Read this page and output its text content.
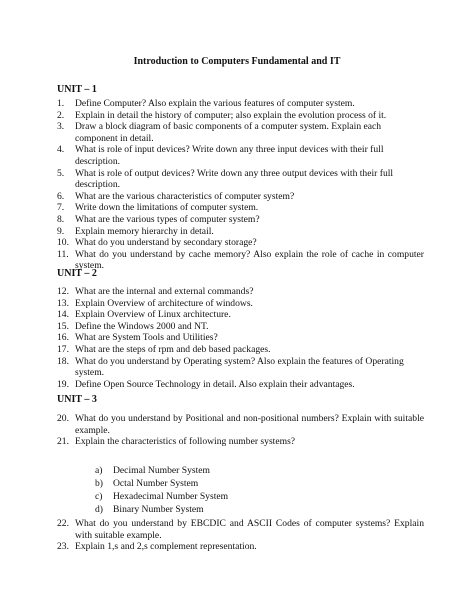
Introduction to Computers Fundamental and IT
UNIT – 1
1.	Define Computer? Also explain the various features of computer system.
2.	Explain in detail the history of computer; also explain the evolution process of it.
3.	Draw a block diagram of basic components of a computer system. Explain each component in detail.
4.	What is role of input devices? Write down any three input devices with their full description.
5.	What is role of output devices? Write down any three output devices with their full description.
6.	What are the various characteristics of computer system?
7.	Write down the limitations of computer system.
8.	What are the various types of computer system?
9.	Explain memory hierarchy in detail.
10. What do you understand by secondary storage?
11. What do you understand by cache memory? Also explain the role of cache in computer system.
UNIT – 2
12. What are the internal and external commands?
13. Explain Overview of architecture of windows.
14. Explain Overview of Linux architecture.
15. Define the Windows 2000 and NT.
16. What are System Tools and Utilities?
17. What are the steps of rpm and deb based packages.
18. What do you understand by Operating system? Also explain the features of Operating system.
19. Define Open Source Technology in detail. Also explain their advantages.
UNIT – 3
20. What do you understand by Positional and non-positional numbers? Explain with suitable example.
21. Explain the characteristics of following number systems?
a)	Decimal Number System
b)	Octal Number System
c)	Hexadecimal Number System
d)	Binary Number System
22. What do you understand by EBCDIC and ASCII Codes of computer systems? Explain with suitable example.
23. Explain 1,s and 2,s complement representation.
